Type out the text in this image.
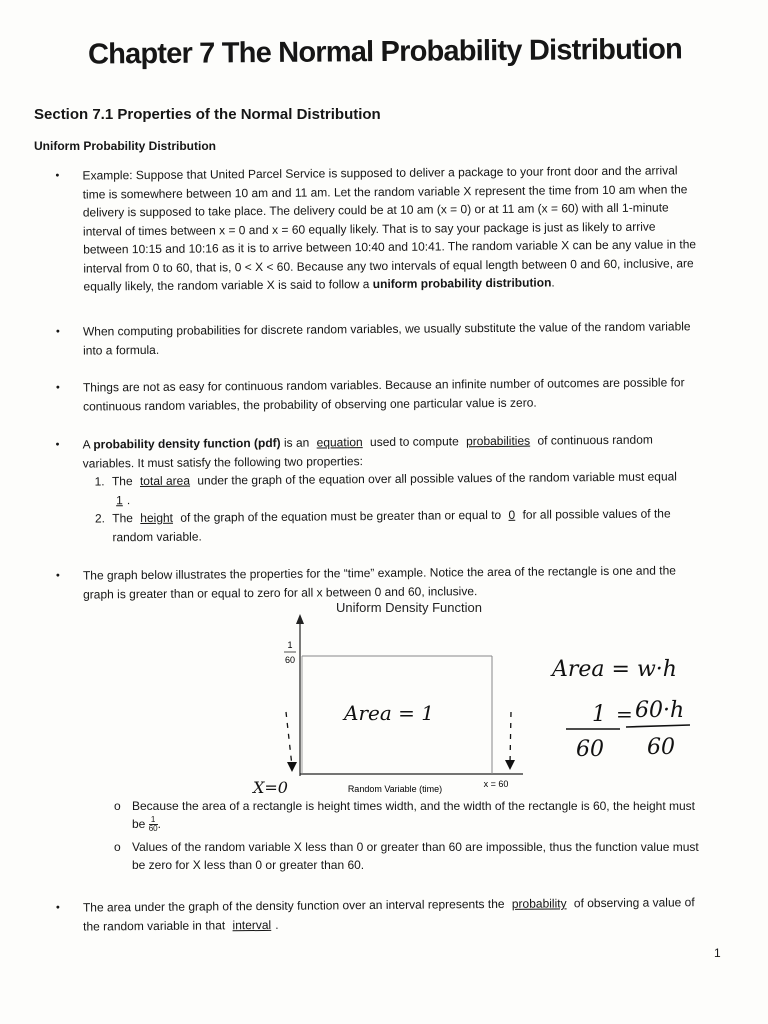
Chapter 7 The Normal Probability Distribution
Section 7.1 Properties of the Normal Distribution
Uniform Probability Distribution
• Example: Suppose that United Parcel Service is supposed to deliver a package to your front door and the arrival time is somewhere between 10 am and 11 am. Let the random variable X represent the time from 10 am when the delivery is supposed to take place. The delivery could be at 10 am (x = 0) or at 11 am (x = 60) with all 1-minute interval of times between x = 0 and x = 60 equally likely. That is to say your package is just as likely to arrive between 10:15 and 10:16 as it is to arrive between 10:40 and 10:41. The random variable X can be any value in the interval from 0 to 60, that is, 0 < X < 60. Because any two intervals of equal length between 0 and 60, inclusive, are equally likely, the random variable X is said to follow a uniform probability distribution.
• When computing probabilities for discrete random variables, we usually substitute the value of the random variable into a formula.
• Things are not as easy for continuous random variables. Because an infinite number of outcomes are possible for continuous random variables, the probability of observing one particular value is zero.
• A probability density function (pdf) is an equation used to compute probabilities of continuous random variables. It must satisfy the following two properties:
1. The total area under the graph of the equation over all possible values of the random variable must equal 1 .
2. The height of the graph of the equation must be greater than or equal to 0 for all possible values of the random variable.
• The graph below illustrates the properties for the “time” example. Notice the area of the rectangle is one and the graph is greater than or equal to zero for all x between 0 and 60, inclusive.
Uniform Density Function
1
60
Random Variable (time)	x = 60
X=0
Area = 1
Area = w·h
1 = 60·h
60 60
o Because the area of a rectangle is height times width, and the width of the rectangle is 60, the height must be $\frac{1}{60}$ .
o Values of the random variable X less than 0 or greater than 60 are impossible, thus the function value must be zero for X less than 0 or greater than 60.
• The area under the graph of the density function over an interval represents the probability of observing a value of the random variable in that interval .
1
